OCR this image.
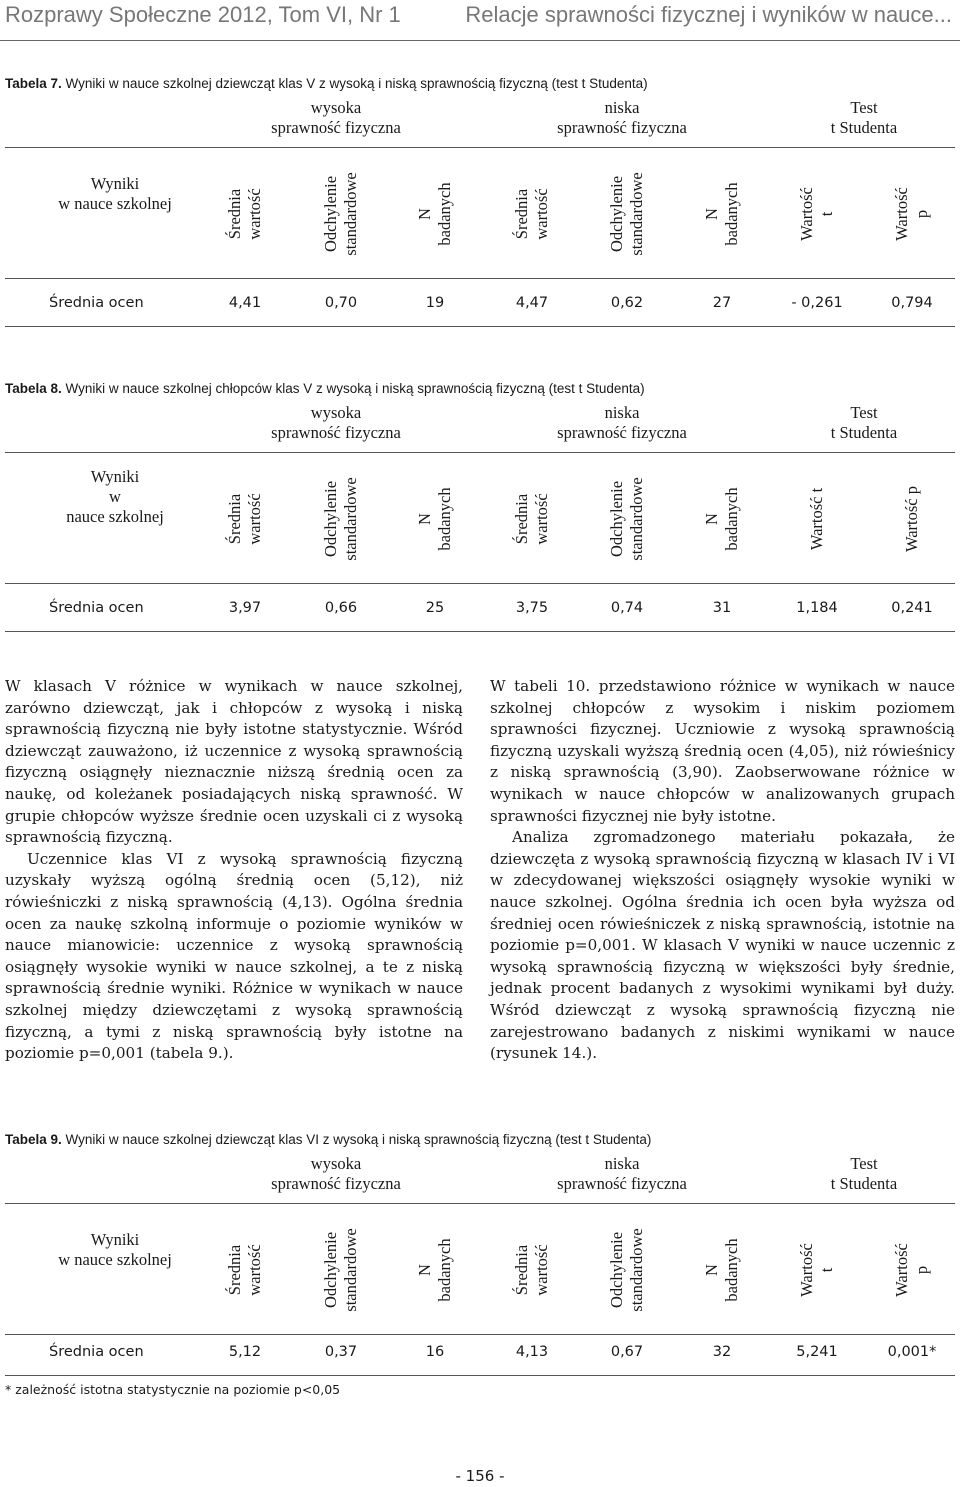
Rozprawy Społeczne 2012, Tom VI, Nr 1	Relacje sprawności fizycznej i wyników w nauce...
Tabela 7. Wyniki w nauce szkolnej dziewcząt klas V z wysoką i niską sprawnością fizyczną (test t Studenta)
wysoka
sprawność fizyczna
niska
sprawność fizyczna
Test
t Studenta
Wyniki
w nauce szkolnej	Średnia wartość	Odchylenie standardowe	N badanych	Średnia wartość	Odchylenie standardowe	N badanych	Wartość t	Wartość p
Średnia ocen	4,41	0,70	19	4,47	0,62	27	- 0,261	0,794
Tabela 8. Wyniki w nauce szkolnej chłopców klas V z wysoką i niską sprawnością fizyczną (test t Studenta)
wysoka
sprawność fizyczna
niska
sprawność fizyczna
Test
t Studenta
Wyniki
w
nauce szkolnej	Średnia wartość	Odchylenie standardowe	N badanych	Średnia wartość	Odchylenie standardowe	N badanych	Wartość t	Wartość p
Średnia ocen	3,97	0,66	25	3,75	0,74	31	1,184	0,241

W klasach V różnice w wynikach w nauce szkolnej, zarówno dziewcząt, jak i chłopców z wysoką i niską sprawnością fizyczną nie były istotne statystycznie. Wśród dziewcząt zauważono, iż uczennice z wysoką sprawnością fizyczną osiągnęły nieznacznie niższą średnią ocen za naukę, od koleżanek posiadających niską sprawność. W grupie chłopców wyższe średnie ocen uzyskali ci z wysoką sprawnością fizyczną.

Uczennice klas VI z wysoką sprawnością fizyczną uzyskały wyższą ogólną średnią ocen (5,12), niż rówieśniczki z niską sprawnością (4,13). Ogólna średnia ocen za naukę szkolną informuje o poziomie wyników w nauce mianowicie: uczennice z wysoką sprawnością osiągnęły wysokie wyniki w nauce szkolnej, a te z niską sprawnością średnie wyniki. Różnice w wynikach w nauce szkolnej między dziewczętami z wysoką sprawnością fizyczną, a tymi z niską sprawnością były istotne na poziomie p=0,001 (tabela 9.).

W tabeli 10. przedstawiono różnice w wynikach w nauce szkolnej chłopców z wysokim i niskim poziomem sprawności fizycznej. Uczniowie z wysoką sprawnością fizyczną uzyskali wyższą średnią ocen (4,05), niż rówieśnicy z niską sprawnością (3,90). Zaobserwowane różnice w wynikach w nauce chłopców w analizowanych grupach sprawności fizycznej nie były istotne.

Analiza zgromadzonego materiału pokazała, że dziewczęta z wysoką sprawnością fizyczną w klasach IV i VI w zdecydowanej większości osiągnęły wysokie wyniki w nauce szkolnej. Ogólna średnia ich ocen była wyższa od średniej ocen rówieśniczek z niską sprawnością, istotnie na poziomie p=0,001. W klasach V wyniki w nauce uczennic z wysoką sprawnością fizyczną w większości były średnie, jednak procent badanych z wysokimi wynikami był duży. Wśród dziewcząt z wysoką sprawnością fizyczną nie zarejestrowano badanych z niskimi wynikami w nauce (rysunek 14.).

Tabela 9. Wyniki w nauce szkolnej dziewcząt klas VI z wysoką i niską sprawnością fizyczną (test t Studenta)
wysoka
sprawność fizyczna
niska
sprawność fizyczna
Test
t Studenta
Wyniki
w nauce szkolnej	Średnia wartość	Odchylenie standardowe	N badanych	Średnia wartość	Odchylenie standardowe	N badanych	Wartość t	Wartość p
Średnia ocen	5,12	0,37	16	4,13	0,67	32	5,241	0,001*
* zależność istotna statystycznie na poziomie p<0,05
- 156 -
